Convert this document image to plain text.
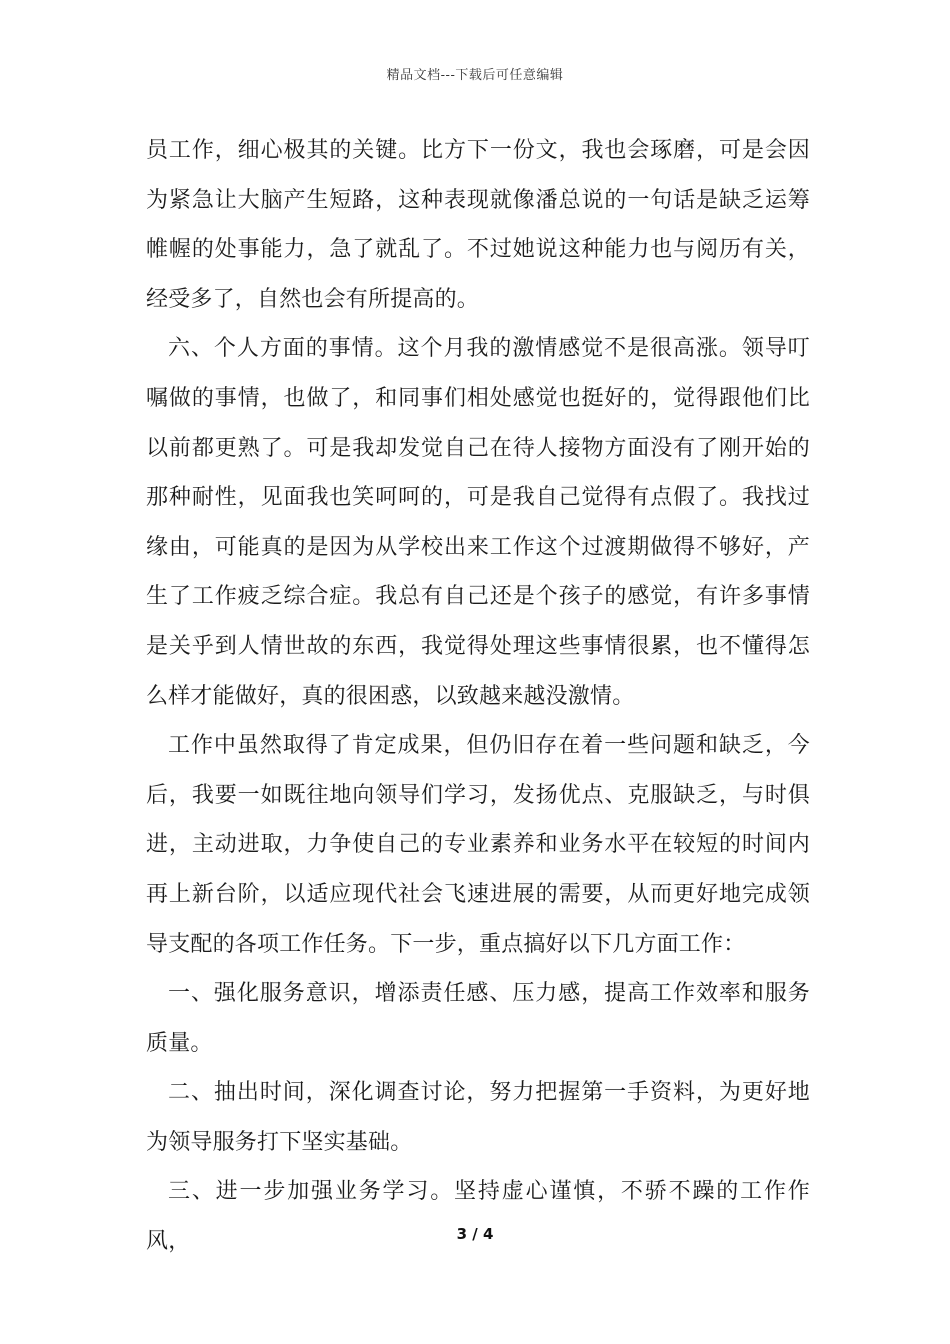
精品文档---下载后可任意编辑

员工作，细心极其的关键。比方下一份文，我也会琢磨，可是会因为紧急让大脑产生短路，这种表现就像潘总说的一句话是缺乏运筹帷幄的处事能力，急了就乱了。不过她说这种能力也与阅历有关，经受多了，自然也会有所提高的。

六、个人方面的事情。这个月我的激情感觉不是很高涨。领导叮嘱做的事情，也做了，和同事们相处感觉也挺好的，觉得跟他们比以前都更熟了。可是我却发觉自己在待人接物方面没有了刚开始的那种耐性，见面我也笑呵呵的，可是我自己觉得有点假了。我找过缘由，可能真的是因为从学校出来工作这个过渡期做得不够好，产生了工作疲乏综合症。我总有自己还是个孩子的感觉，有许多事情是关乎到人情世故的东西，我觉得处理这些事情很累，也不懂得怎么样才能做好，真的很困惑，以致越来越没激情。

工作中虽然取得了肯定成果，但仍旧存在着一些问题和缺乏，今后，我要一如既往地向领导们学习，发扬优点、克服缺乏，与时俱进，主动进取，力争使自己的专业素养和业务水平在较短的时间内再上新台阶，以适应现代社会飞速进展的需要，从而更好地完成领导支配的各项工作任务。下一步，重点搞好以下几方面工作：

一、强化服务意识，增添责任感、压力感，提高工作效率和服务质量。

二、抽出时间，深化调查讨论，努力把握第一手资料，为更好地为领导服务打下坚实基础。

三、进一步加强业务学习。坚持虚心谨慎，不骄不躁的工作作风，	3 / 4
